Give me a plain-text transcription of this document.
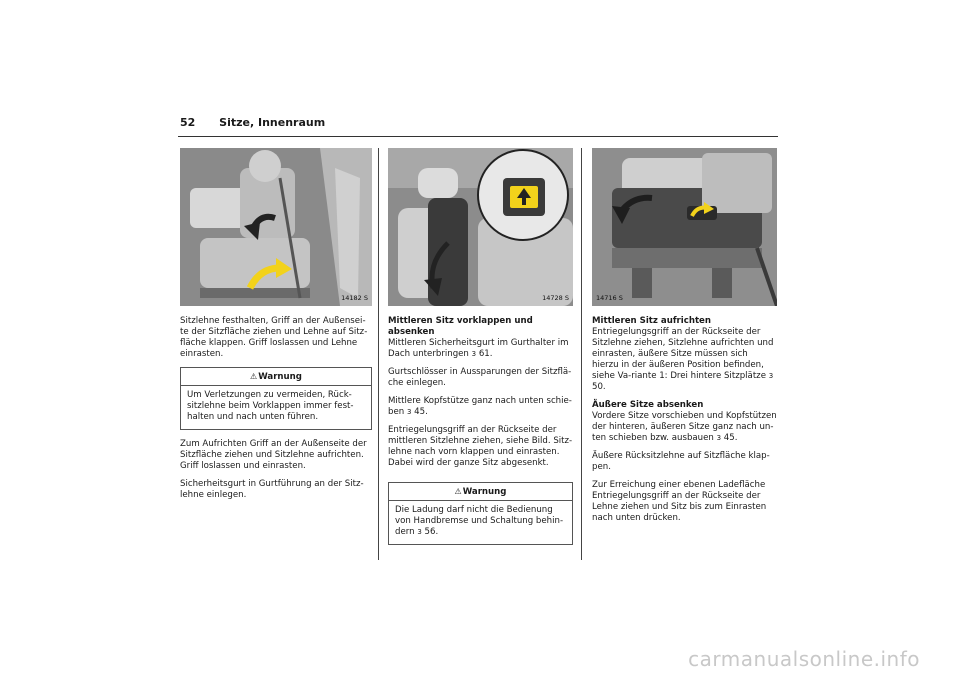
52 Sitze, Innenraum
14182 S

Sitzlehne festhalten, Griff an der Außensei-te der Sitzfläche ziehen und Lehne auf Sitz-fläche klappen. Griff loslassen und Lehne einrasten.

⚠Warnung
Um Verletzungen zu vermeiden, Rück-sitzlehne beim Vorklappen immer fest-halten und nach unten führen.

Zum Aufrichten Griff an der Außenseite der Sitzfläche ziehen und Sitzlehne aufrichten. Griff loslassen und einrasten.

Sicherheitsgurt in Gurtführung an der Sitz-lehne einlegen.

14728 S

Mittleren Sitz vorklappen und absenken
Mittleren Sicherheitsgurt im Gurthalter im Dach unterbringen 3 61.

Gurtschlösser in Aussparungen der Sitzflä-che einlegen.

Mittlere Kopfstütze ganz nach unten schie-ben 3 45.

Entriegelungsgriff an der Rückseite der mittleren Sitzlehne ziehen, siehe Bild. Sitz-lehne nach vorn klappen und einrasten. Dabei wird der ganze Sitz abgesenkt.

⚠Warnung
Die Ladung darf nicht die Bedienung von Handbremse und Schaltung behin-dern 3 56.
14716 S

Mittleren Sitz aufrichten
Entriegelungsgriff an der Rückseite der Sitzlehne ziehen, Sitzlehne aufrichten und einrasten, äußere Sitze müssen sich hierzu in der äußeren Position befinden, siehe Va-riante 1: Drei hintere Sitzplätze 3 50.

Äußere Sitze absenken
Vordere Sitze vorschieben und Kopfstützen der hinteren, äußeren Sitze ganz nach un-ten schieben bzw. ausbauen 3 45.

Äußere Rücksitzlehne auf Sitzfläche klap-pen.

Zur Erreichung einer ebenen Ladefläche Entriegelungsgriff an der Rückseite der Lehne ziehen und Sitz bis zum Einrasten nach unten drücken.

carmanualsonline.info
